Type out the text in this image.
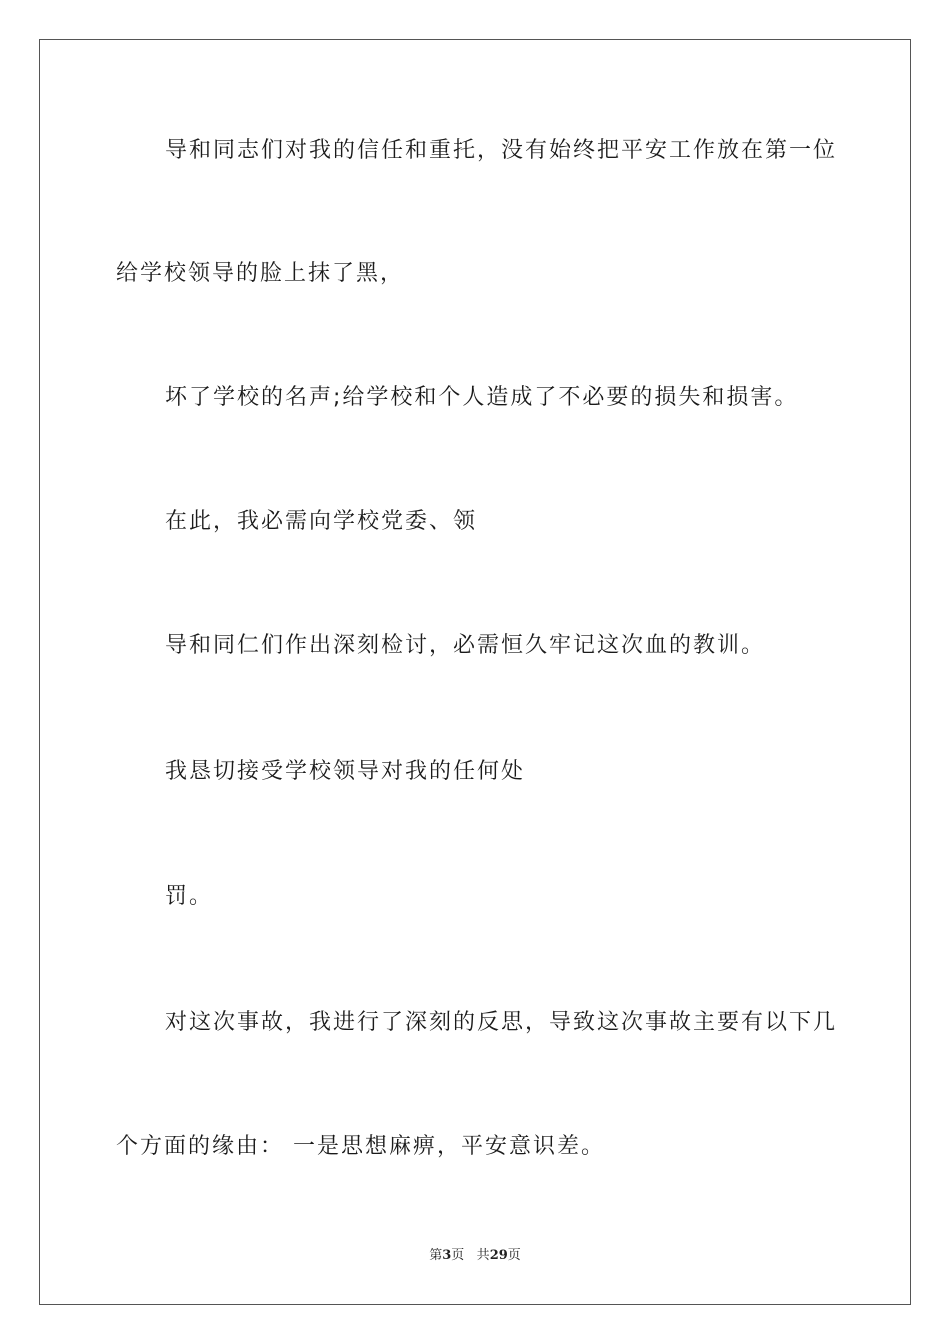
导和同志们对我的信任和重托，没有始终把平安工作放在第一位
给学校领导的脸上抹了黑，
坏了学校的名声;给学校和个人造成了不必要的损失和损害。
在此，我必需向学校党委、领
导和同仁们作出深刻检讨，必需恒久牢记这次血的教训。
我恳切接受学校领导对我的任何处
罚。
对这次事故，我进行了深刻的反思，导致这次事故主要有以下几
个方面的缘由： 一是思想麻痹，平安意识差。
第3页 共29页
